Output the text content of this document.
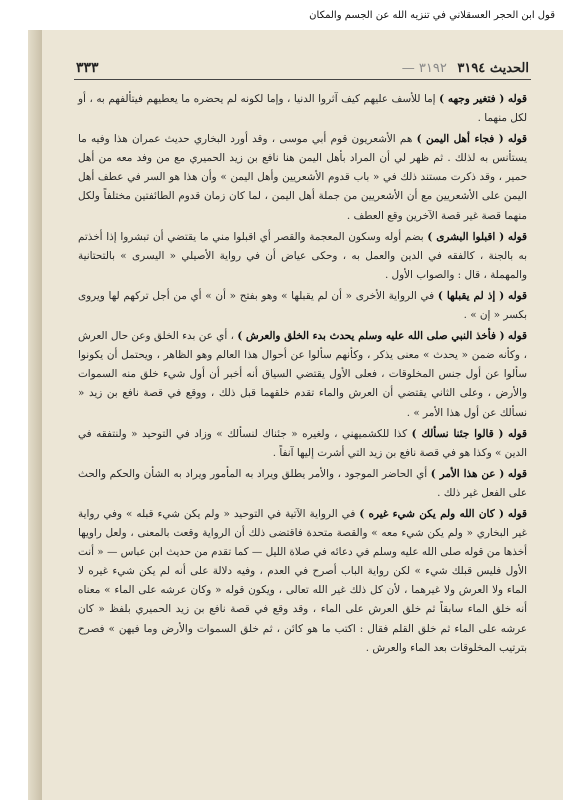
قول ابن الحجر العسقلاني في تنزيه الله عن الجسم والمكان
٣٣٣	الحديث ٣١٩٤ ٣١٩٢ —

قوله ( فتغير وجهه ) إما للأسف عليهم كيف آثروا الدنيا ، وإما لكونه لم يحضره ما يعطيهم فيتألفهم به ، أو لكل منهما .

قوله ( فجاء أهل اليمن ) هم الأشعريون قوم أبي موسى ، وقد أورد البخاري حديث عمران هذا وفيه ما يستأنس به لذلك . ثم ظهر لي أن المراد بأهل اليمن هنا نافع بن زيد الحميري مع من وفد معه من أهل حمير ، وقد ذكرت مستند ذلك في « باب قدوم الأشعريين وأهل اليمن » وأن هذا هو السر في عطف أهل اليمن على الأشعريين مع أن الأشعريين من جملة أهل اليمن ، لما كان زمان قدوم الطائفتين مختلفاً ولكل منهما قصة غير قصة الآخرين وقع العطف .

قوله ( اقبلوا البشرى ) بضم أوله وسكون المعجمة والقصر أي اقبلوا مني ما يقتضي أن تبشروا إذا أخذتم به بالجنة ، كالفقه في الدين والعمل به ، وحكى عياض أن في رواية الأصيلي « اليسرى » بالتحتانية والمهملة ، قال : والصواب الأول .

قوله ( إذ لم يقبلها ) في الرواية الأخرى « أن لم يقبلها » وهو بفتح « أن » أي من أجل تركهم لها ويروى بكسر « إن » .

قوله ( فأخذ النبي صلى الله عليه وسلم يحدث بدء الخلق والعرش ) ، أي عن بدء الخلق وعن حال العرش ، وكأنه ضمن « يحدث » معنى يذكر ، وكأنهم سألوا عن أحوال هذا العالم وهو الظاهر ، ويحتمل أن يكونوا سألوا عن أول جنس المخلوقات ، فعلى الأول يقتضي السياق أنه أخبر أن أول شيء خلق منه السموات والأرض ، وعلى الثاني يقتضي أن العرش والماء تقدم خلقهما قبل ذلك ، ووقع في قصة نافع بن زيد « نسألك عن أول هذا الأمر » .

قوله ( قالوا جئنا نسألك ) كذا للكشميهني ، ولغيره « جئناك لنسألك » وزاد في التوحيد « ولنتفقه في الدين » وكذا هو في قصة نافع بن زيد التي أشرت إليها آنفاً .

قوله ( عن هذا الأمر ) أي الحاضر الموجود ، والأمر يطلق ويراد به المأمور ويراد به الشأن والحكم والحث على الفعل غير ذلك .

قوله ( كان الله ولم يكن شيء غيره ) في الرواية الآتية في التوحيد « ولم يكن شيء قبله » وفي رواية غير البخاري « ولم يكن شيء معه » والقصة متحدة فاقتضى ذلك أن الرواية وقعت بالمعنى ، ولعل راويها أخذها من قوله صلى الله عليه وسلم في دعائه في صلاة الليل — كما تقدم من حديث ابن عباس — « أنت الأول فليس قبلك شيء » لكن رواية الباب أصرح في العدم ، وفيه دلالة على أنه لم يكن شيء غيره لا الماء ولا العرش ولا غيرهما ، لأن كل ذلك غير الله تعالى ، ويكون قوله « وكان عرشه على الماء » معناه أنه خلق الماء سابقاً ثم خلق العرش على الماء ، وقد وقع في قصة نافع بن زيد الحميري بلفظ « كان عرشه على الماء ثم خلق القلم فقال : اكتب ما هو كائن ، ثم خلق السموات والأرض وما فيهن » فصرح بترتيب المخلوقات بعد الماء والعرش .
